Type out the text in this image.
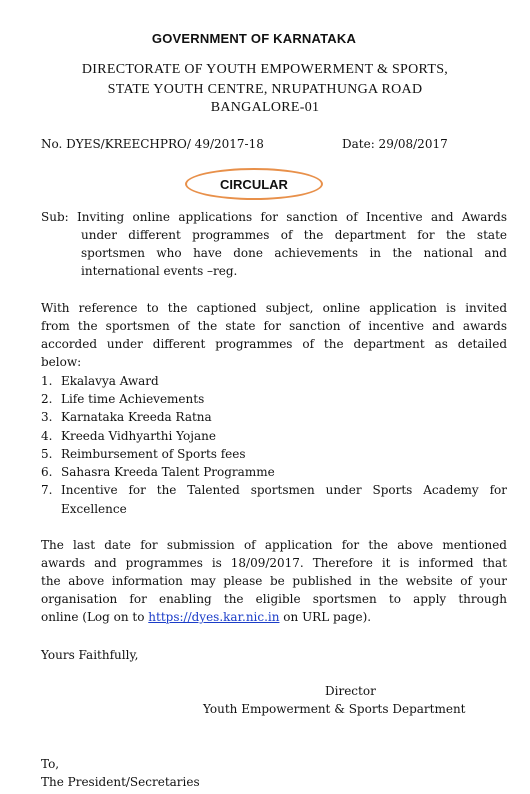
GOVERNMENT OF KARNATAKA
DIRECTORATE OF YOUTH EMPOWERMENT & SPORTS,
STATE YOUTH CENTRE, NRUPATHUNGA ROAD
BANGALORE-01
No. DYES/KREECHPRO/ 49/2017-18	Date: 29/08/2017
CIRCULAR
Sub: Inviting online applications for sanction of Incentive and Awards
under different programmes of the department for the state
sportsmen who have done achievements in the national and
international events –reg.
With reference to the captioned subject, online application is invited
from the sportsmen of the state for sanction of incentive and awards
accorded under different programmes of the department as detailed
below:
1. Ekalavya Award
2. Life time Achievements
3. Karnataka Kreeda Ratna
4. Kreeda Vidhyarthi Yojane
5. Reimbursement of Sports fees
6. Sahasra Kreeda Talent Programme
7. Incentive for the Talented sportsmen under Sports Academy for
Excellence
The last date for submission of application for the above mentioned
awards and programmes is 18/09/2017. Therefore it is informed that
the above information may please be published in the website of your
organisation for enabling the eligible sportsmen to apply through
online (Log on to https://dyes.kar.nic.in on URL page).
Yours Faithfully,
Director
Youth Empowerment & Sports Department
To,
The President/Secretaries
